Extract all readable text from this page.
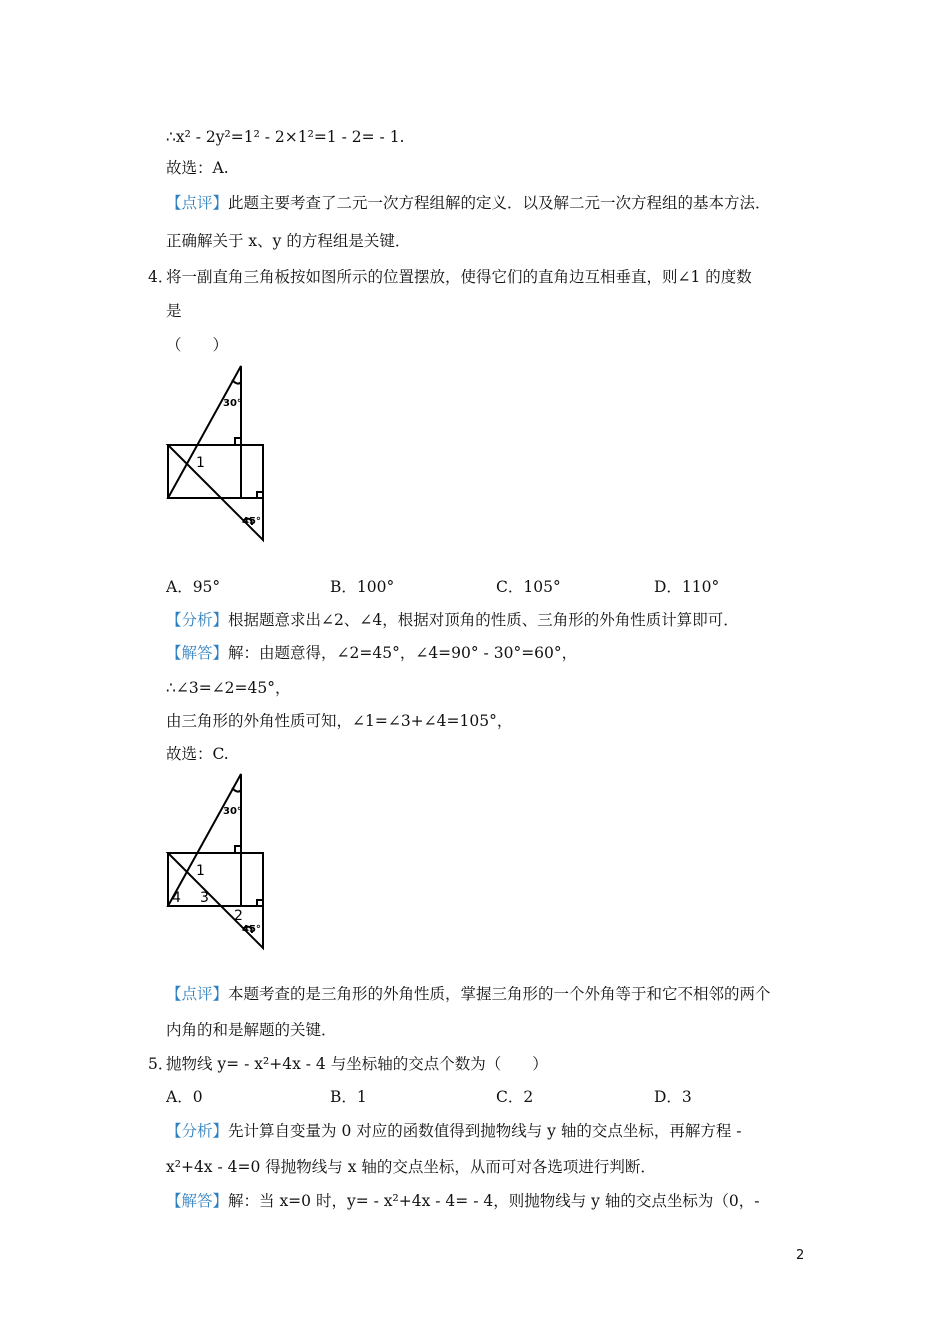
∴x² - 2y²=1² - 2×1²=1 - 2= - 1.
故选：A.
【点评】此题主要考查了二元一次方程组解的定义．以及解二元一次方程组的基本方法．
正确解关于 x、y 的方程组是关键．
4．
将一副直角三角板按如图所示的位置摆放，使得它们的直角边互相垂直，则∠1 的度数
是
（　　）
30°
1
45°
A．95°	B．100°	C．105°	D．110°
【分析】根据题意求出∠2、∠4，根据对顶角的性质、三角形的外角性质计算即可．
【解答】解：由题意得，∠2=45°，∠4=90° - 30°=60°，
∴∠3=∠2=45°，
由三角形的外角性质可知，∠1=∠3+∠4=105°，
故选：C.
30°
1
4 3
2
45°
【点评】本题考查的是三角形的外角性质，掌握三角形的一个外角等于和它不相邻的两个
内角的和是解题的关键．
5．
抛物线 y= - x²+4x - 4 与坐标轴的交点个数为（　　）
A．0	B．1	C．2	D．3
【分析】先计算自变量为 0 对应的函数值得到抛物线与 y 轴的交点坐标，再解方程 -
x²+4x - 4=0 得抛物线与 x 轴的交点坐标，从而可对各选项进行判断．
【解答】解：当 x=0 时，y= - x²+4x - 4= - 4，则抛物线与 y 轴的交点坐标为（0，-
2
